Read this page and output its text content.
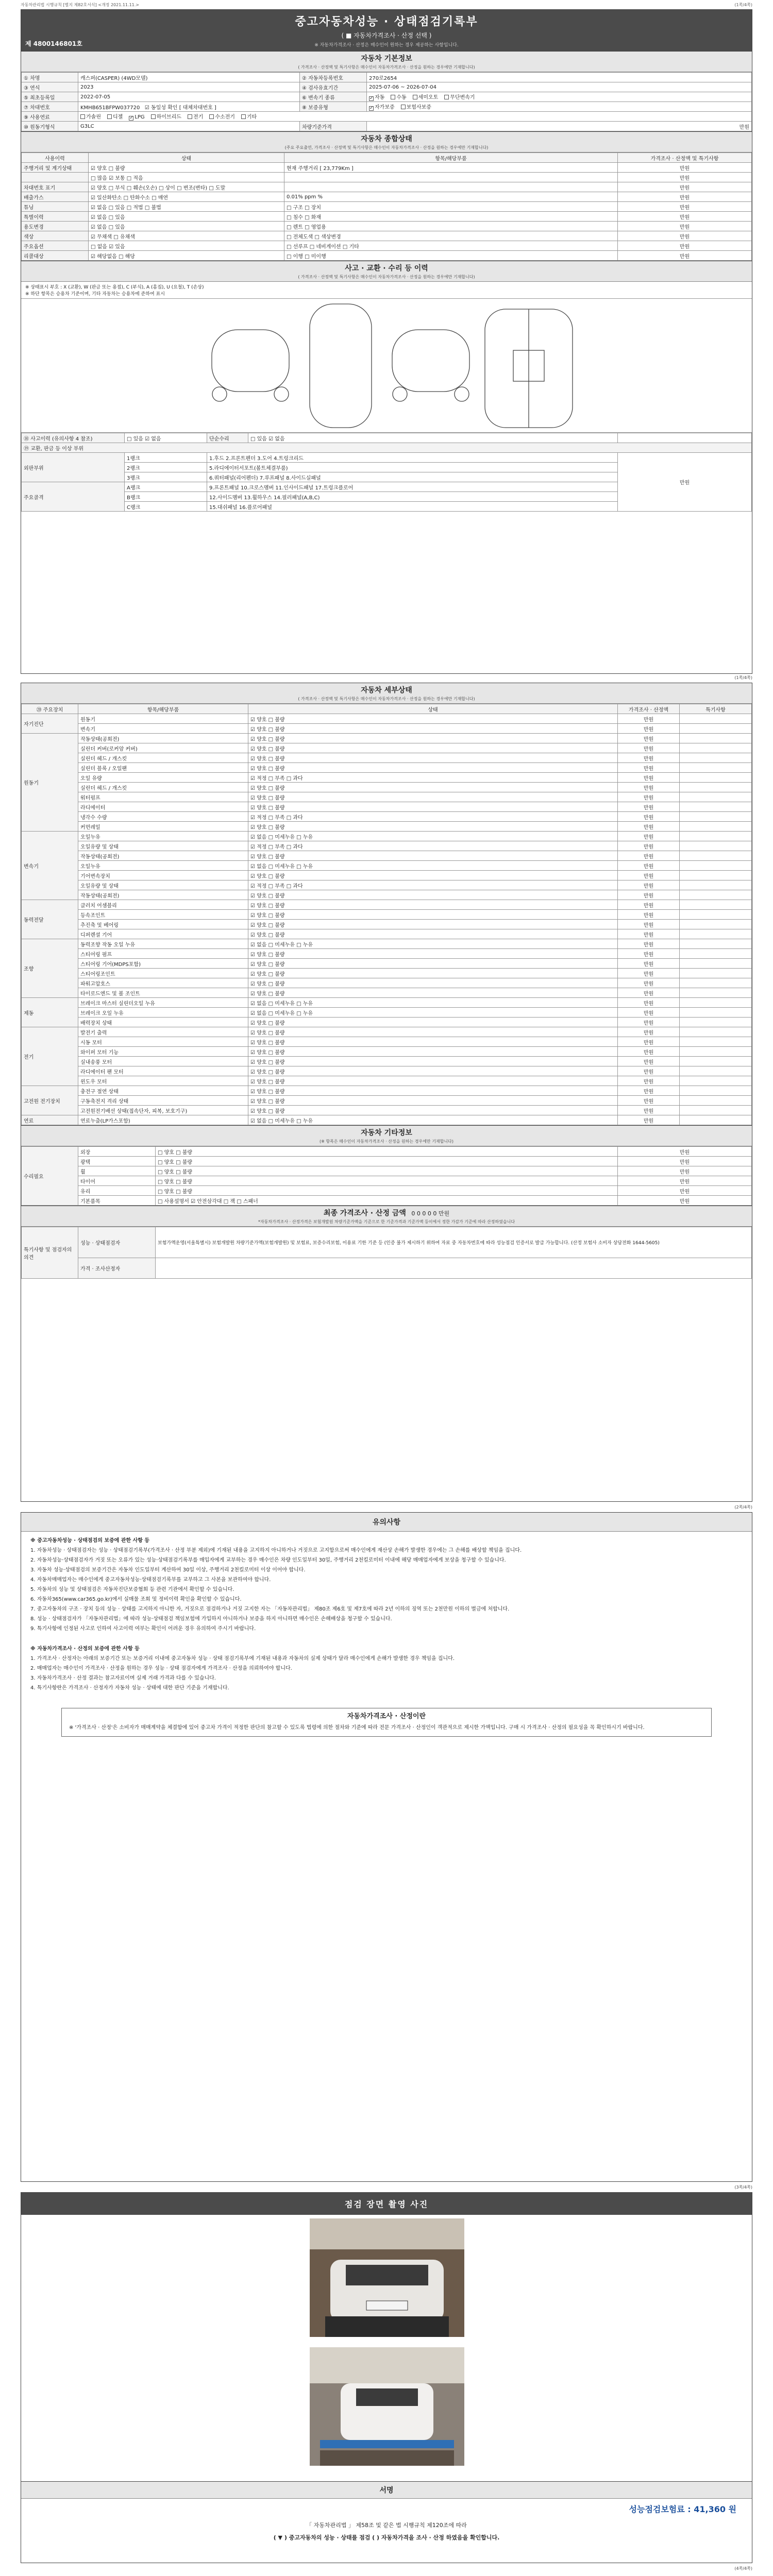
자동차관리법 시행규칙 [별지 제82호서식] <개정 2021.11.11.>	(1쪽/4쪽)
중고자동차성능 · 상태점검기록부
( ■ 자동차가격조사 · 산정 선택 )
※ 자동차가격조사 · 산정은 매수인이 원하는 경우 제공하는 사항입니다.
제 4800146801호
자동차 기본정보
( 가격조사 · 산정액 및 특기사항은 매수인이 자동차가격조사 · 산정을 원하는 경우에만 기재합니다)
① 차명	캐스퍼(CASPER) (4WD모델)	② 자동차등록번호	270로2654
③ 연식	2023	④ 검사유효기간	2025-07-06 ~ 2026-07-04
⑤ 최초등록일	2022-07-05	⑥ 변속기 종류	✓자동 수동 세미오토 무단변속기
⑦ 차대번호	KMHB651BFPW037720 ☑ 동일성 확인 [ 대체차대번호 ]	⑧ 보증유형	✓자가보증 보험사보증
⑨ 사용연료	가솔린 디젤 ✓ LPG 하이브리드 전기 수소전기 기타
⑩ 원동기형식	G3LC	차량기준가격	만원
자동차 종합상태
(주요 주요출연, 가격조사 · 산정액 및 특기사항은 매수인이 자동차가격조사 · 산정을 원하는 경우에만 기재합니다)
사용이력	상태	항목/해당부품	가격조사 · 산정액 및 특기사항
주행거리 및 계기상태	☑ 양호 □ 불량	현재 주행거리 [ 23,779Km ]	만원
	□ 많음 ☑ 보통 □ 적음		만원
차대번호 표기	☑ 양호 □ 부식 □ 훼손(오손) □ 상이 □ 변조(변타) □ 도말		만원
배출가스	☑ 일산화탄소 □ 탄화수소 □ 매연	0.01% ppm %	만원
튜닝	☑ 없음 □ 있음 □ 적법 □ 불법	□ 구조 □ 장치	만원
특별이력	☑ 없음 □ 있음	□ 침수 □ 화재	만원
용도변경	☑ 없음 □ 있음	□ 렌트 □ 영업용	만원
색상	☑ 무채색 □ 유채색	□ 전체도색 □ 색상변경	만원
주요옵션	□ 없음 ☑ 있음	□ 선루프 □ 네비게이션 □ 기타	만원
리콜대상	☑ 해당없음 □ 해당	□ 이행 □ 미이행	만원
사고 · 교환 · 수리 등 이력
( 가격조사 · 산정액 및 특기사항은 매수인이 자동차가격조사 · 산정을 원하는 경우에만 기재합니다)
※ 상태표시 부호 : X (교환), W (판금 또는 용접), C (부식), A (흠집), U (요철), T (손상)
※ 하단 항목은 승용차 기준이며, 기타 자동차는 승용차에 준하여 표시
⑱ 사고이력 (유의사항 4 참조)	□ 있음 ☑ 없음	단순수리	□ 있음 ☑ 없음	
⑲ 교환, 판금 등 이상 부위				
외판부위	1랭크	1.후드 2.프론트펜더 3.도어 4.트렁크리드		만원
	2랭크	5.라디에이터서포트(볼트체결부품)		
	3랭크	6.쿼터패널(리어펜더) 7.루프패널 8.사이드실패널		
주요골격	A랭크	9.프론트패널 10.크로스멤버 11.인사이드패널 17.트렁크플로어		
	B랭크	12.사이드멤버 13.휠하우스 14.필러패널(A,B,C)		
	C랭크	15.대쉬패널 16.플로어패널		
(1쪽/4쪽)
자동차 세부상태
( 가격조사 · 산정액 및 특기사항은 매수인이 자동차가격조사 · 산정을 원하는 경우에만 기재합니다)
⑳ 주요장치	항목/해당부품	상태	가격조사 · 산정액	특기사항
자기진단	원동기	☑ 양호 □ 불량	만원	
	변속기	☑ 양호 □ 불량	만원	
원동기	작동상태(공회전)	☑ 양호 □ 불량	만원	
	실린더 커버(로커암 커버)	☑ 양호 □ 불량	만원	
	실린더 헤드 / 개스킷	☑ 양호 □ 불량	만원	
	실린더 블록 / 오일팬	☑ 양호 □ 불량	만원	
	오일 유량	☑ 적정 □ 부족 □ 과다	만원	
	실린더 헤드 / 개스킷	☑ 양호 □ 불량	만원	
	워터펌프	☑ 양호 □ 불량	만원	
	라디에이터	☑ 양호 □ 불량	만원	
	냉각수 수량	☑ 적정 □ 부족 □ 과다	만원	
	커먼레일	☑ 양호 □ 불량	만원	
변속기	오일누유	☑ 없음 □ 미세누유 □ 누유	만원	
	오일유량 및 상태	☑ 적정 □ 부족 □ 과다	만원	
	작동상태(공회전)	☑ 양호 □ 불량	만원	
	오일누유	☑ 없음 □ 미세누유 □ 누유	만원	
	기어변속장치	☑ 양호 □ 불량	만원	
	오일유량 및 상태	☑ 적정 □ 부족 □ 과다	만원	
	작동상태(공회전)	☑ 양호 □ 불량	만원	
동력전달	클러치 어셈블리	☑ 양호 □ 불량	만원	
	등속조인트	☑ 양호 □ 불량	만원	
	추진축 및 베어링	☑ 양호 □ 불량	만원	
	디퍼렌셜 기어	☑ 양호 □ 불량	만원	
조향	동력조향 작동 오일 누유	☑ 없음 □ 미세누유 □ 누유	만원	
	스티어링 펌프	☑ 양호 □ 불량	만원	
	스티어링 기어(MDPS포함)	☑ 양호 □ 불량	만원	
	스티어링조인트	☑ 양호 □ 불량	만원	
	파워고압호스	☑ 양호 □ 불량	만원	
	타이로드엔드 및 볼 조인트	☑ 양호 □ 불량	만원	
제동	브레이크 마스터 실린더오일 누유	☑ 없음 □ 미세누유 □ 누유	만원	
	브레이크 오일 누유	☑ 없음 □ 미세누유 □ 누유	만원	
	배력장치 상태	☑ 양호 □ 불량	만원	
전기	발전기 출력	☑ 양호 □ 불량	만원	
	시동 모터	☑ 양호 □ 불량	만원	
	와이퍼 모터 기능	☑ 양호 □ 불량	만원	
	실내송풍 모터	☑ 양호 □ 불량	만원	
	라디에이터 팬 모터	☑ 양호 □ 불량	만원	
	윈도우 모터	☑ 양호 □ 불량	만원	
고전원 전기장치	충전구 절연 상태	☑ 양호 □ 불량	만원	
	구동축전지 격리 상태	☑ 양호 □ 불량	만원	
	고전원전기배선 상태(접속단자, 피복, 보호기구)	☑ 양호 □ 불량	만원	
연료	연료누출(LP가스포함)	☑ 없음 □ 미세누유 □ 누유	만원	
자동차 기타정보
(※ 항목은 매수인이 자동차가격조사 · 산정을 원하는 경우에만 기재합니다)
수리필요	외장	□ 양호 □ 불량	만원
	광택	□ 양호 □ 불량	만원
	휠	□ 양호 □ 불량	만원
	타이어	□ 양호 □ 불량	만원
	유리	□ 양호 □ 불량	만원
	기본품목	□ 사용설명서 ☑ 안전삼각대 □ 잭 □ 스패너	만원
최종 가격조사 · 산정 금액 0 0 0 0 0 만원
*자동차가격조사 · 산정가격은 보험개발원 차량기준가액을 기준으로 한 기준가격과 기준가액 등이에서 정한 가감가 기준에 따라 산정하였습니다
특기사항 및 점검자의 의견	성능 · 상태점검자	보험가액운영(서울특별시) 보험개발원 차량기준가액(보험개발원) 및 보험료, 보증수리보험, 이용료 기한 기준 등 (인증 불가 제시하기 위하여 자료 중 자동차번호에 따라 성능점검 인증서로 발급 가능합니다. (산정 보험사 소비자 상담전화 1644-5605)
	가격 · 조사산정자	
(2쪽/4쪽)
유의사항

※ 중고자동차성능 · 상태점검의 보증에 관한 사항 등

1. 자동차성능 · 상태점검자는 성능 · 상태점검기록부(가격조사 · 산정 부분 제외)에 기재된 내용을 고지하지 아니하거나 거짓으로 고지함으로써 매수인에게 재산상 손해가 발생한 경우에는 그 손해를 배상할 책임을 집니다.

2. 자동차성능·상태점검자가 거짓 또는 오류가 있는 성능·상태점검기록부를 매입자에게 교부하는 경우 매수인은 차량 인도일부터 30일, 주행거리 2천킬로미터 이내에 해당 매매업자에게 보상을 청구할 수 있습니다.

3. 자동차 성능·상태점검의 보증기간은 자동차 인도일부터 계산하여 30일 이상, 주행거리 2천킬로미터 이상 이어야 합니다.

4. 자동차매매업자는 매수인에게 중고자동차성능·상태점검기록부를 교부하고 그 사본을 보관하여야 합니다.

5. 자동차의 성능 및 상태점검은 자동차진단보증협회 등 관련 기관에서 확인할 수 있습니다.

6. 자동차365(www.car365.go.kr)에서 실매물 조회 및 정비이력 확인을 확인할 수 있습니다.

7. 중고자동차의 구조 · 장치 등의 성능 · 상태를 고지하지 아니한 자, 거짓으로 점검하거나 거짓 고지한 자는 「자동차관리법」 제80조 제6호 및 제7호에 따라 2년 이하의 징역 또는 2천만원 이하의 벌금에 처합니다.

8. 성능 · 상태점검자가 「자동차관리법」에 따라 성능·상태점검 책임보험에 가입하지 아니하거나 보증을 하지 아니하면 매수인은 손해배상을 청구할 수 있습니다.

9. 특기사항에 인정된 사고로 인하여 사고이력 여부는 확인이 어려운 경우 유의하여 주시기 바랍니다.

※ 자동차가격조사 · 산정의 보증에 관한 사항 등

1. 가격조사 · 산정자는 아래의 보증기간 또는 보증거리 이내에 중고자동차 성능 · 상태 점검기록부에 기재된 내용과 자동차의 실제 상태가 달라 매수인에게 손해가 발생한 경우 책임을 집니다.

2. 매매업자는 매수인이 가격조사 · 산정을 원하는 경우 성능 · 상태 점검자에게 가격조사 · 산정을 의뢰하여야 합니다.

3. 자동차가격조사 · 산정 결과는 참고자료이며 실제 거래 가격과 다를 수 있습니다.

4. 특기사항란은 가격조사 · 산정자가 자동차 성능 · 상태에 대한 판단 기준을 기재합니다.

자동차가격조사 · 산정이란
※ '가격조사 · 산정'은 소비자가 매매계약을 체결함에 있어 중고차 가격이 적정한 판단의 참고할 수 있도록 법령에 의한 절차와 기준에 따라 전문 가격조사 · 산정인이 객관적으로 제시한 가액입니다. 구매 시 가격조사 · 산정의 필요성을 꼭 확인하시기 바랍니다.
(3쪽/4쪽)
점검 장면 촬영 사진
서명
성능점검보험료 : 41,360 원
「 자동차관리법 」 제58조 및 같은 법 시행규칙 제120조에 따라
( ▼ ) 중고자동차의 성능 · 상태를 점검 ( ) 자동차가격을 조사 · 산정 하였음을 확인합니다.
(4쪽/4쪽)
